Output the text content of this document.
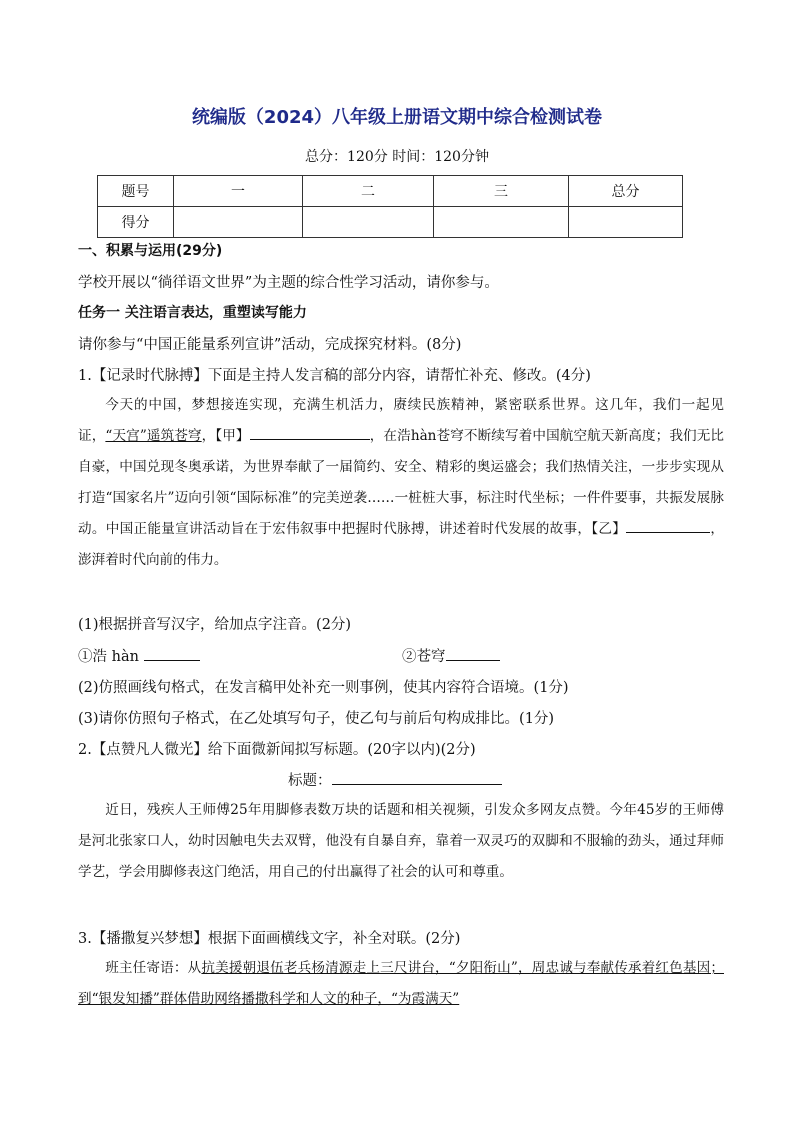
统编版（2024）八年级上册语文期中综合检测试卷
总分：120分 时间：120分钟
题号	一	二	三	总分
得分				
一、积累与运用(29分)
学校开展以“徜徉语文世界”为主题的综合性学习活动，请你参与。
任务一 关注语言表达，重塑读写能力
请你参与“中国正能量系列宣讲”活动，完成探究材料。(8分)
1.【记录时代脉搏】下面是主持人发言稿的部分内容，请帮忙补充、修改。(4分)
今天的中国，梦想接连实现，充满生机活力，赓续民族精神，紧密联系世界。这几年，我们一起见证，“天宫”遥筑苍穹，【甲】	，在浩hàn苍穹不断续写着中国航空航天新高度；我们无比自豪，中国兑现冬奥承诺，为世界奉献了一届简约、安全、精彩的奥运盛会；我们热情关注，一步步实现从打造“国家名片”迈向引领“国际标准”的完美逆袭……一桩桩大事，标注时代坐标；一件件要事，共振发展脉动。中国正能量宣讲活动旨在于宏伟叙事中把握时代脉搏，讲述着时代发展的故事，【乙】	，澎湃着时代向前的伟力。
(1)根据拼音写汉字，给加点字注音。(2分)
①浩 hàn	②苍穹
(2)仿照画线句格式，在发言稿甲处补充一则事例，使其内容符合语境。(1分)
(3)请你仿照句子格式，在乙处填写句子，使乙句与前后句构成排比。(1分)
2.【点赞凡人微光】给下面微新闻拟写标题。(20字以内)(2分)
标题：
近日，残疾人王师傅25年用脚修表数万块的话题和相关视频，引发众多网友点赞。今年45岁的王师傅是河北张家口人，幼时因触电失去双臂，他没有自暴自弃，靠着一双灵巧的双脚和不服输的劲头，通过拜师学艺，学会用脚修表这门绝活，用自己的付出赢得了社会的认可和尊重。
3.【播撒复兴梦想】根据下面画横线文字，补全对联。(2分)
班主任寄语：从抗美援朝退伍老兵杨清源走上三尺讲台，“夕阳衔山”，周忠诚与奉献传承着红色基因；到“银发知播”群体借助网络播撒科学和人文的种子，“为霞满天”
